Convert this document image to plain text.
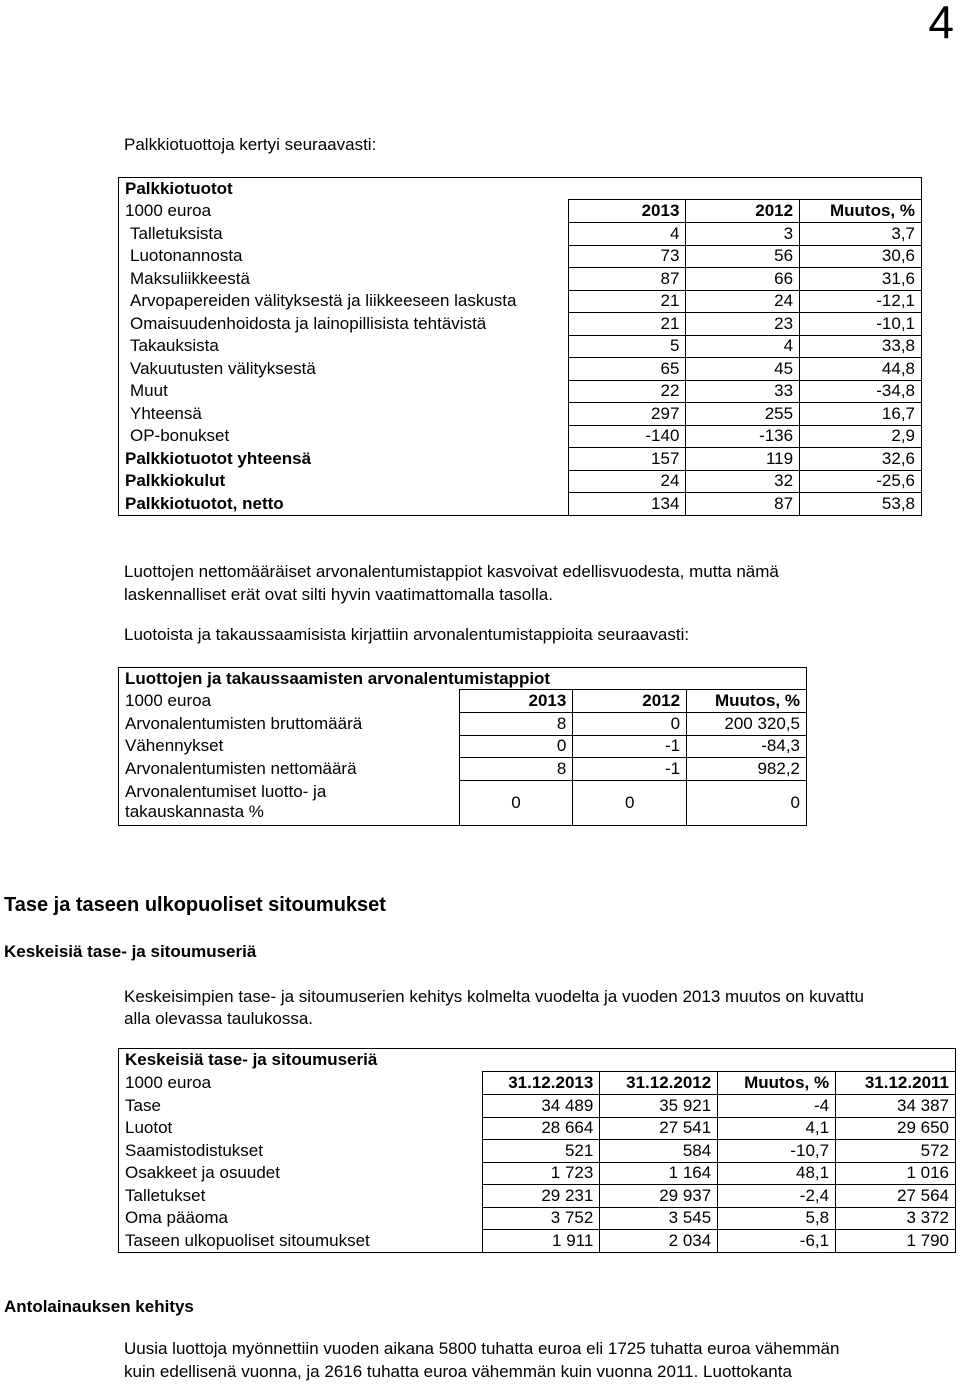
4
Palkkiotuottoja kertyi seuraavasti:
Palkkiotuotot			
1000 euroa	2013	2012	Muutos, %
Talletuksista	4	3	3,7
Luotonannosta	73	56	30,6
Maksuliikkeestä	87	66	31,6
Arvopapereiden välityksestä ja liikkeeseen laskusta	21	24	-12,1
Omaisuudenhoidosta ja lainopillisista tehtävistä	21	23	-10,1
Takauksista	5	4	33,8
Vakuutusten välityksestä	65	45	44,8
Muut	22	33	-34,8
Yhteensä	297	255	16,7
OP-bonukset	-140	-136	2,9
Palkkiotuotot yhteensä	157	119	32,6
Palkkiokulut	24	32	-25,6
Palkkiotuotot, netto	134	87	53,8
Luottojen nettomääräiset arvonalentumistappiot kasvoivat edellisvuodesta, mutta nämä
laskennalliset erät ovat silti hyvin vaatimattomalla tasolla.
Luotoista ja takaussaamisista kirjattiin arvonalentumistappioita seuraavasti:
Luottojen ja takaussaamisten arvonalentumistappiot			
1000 euroa	2013	2012	Muutos, %
Arvonalentumisten bruttomäärä	8	0	200 320,5
Vähennykset	0	-1	-84,3
Arvonalentumisten nettomäärä	8	-1	982,2

Arvonalentumiset luotto- ja
takauskannasta %	0	0	0
Tase ja taseen ulkopuoliset sitoumukset
Keskeisiä tase- ja sitoumuseriä
Keskeisimpien tase- ja sitoumuserien kehitys kolmelta vuodelta ja vuoden 2013 muutos on kuvattu
alla olevassa taulukossa.
Keskeisiä tase- ja sitoumuseriä				
1000 euroa	31.12.2013	31.12.2012	Muutos, %	31.12.2011
Tase	34 489	35 921	-4	34 387
Luotot	28 664	27 541	4,1	29 650
Saamistodistukset	521	584	-10,7	572
Osakkeet ja osuudet	1 723	1 164	48,1	1 016
Talletukset	29 231	29 937	-2,4	27 564
Oma pääoma	3 752	3 545	5,8	3 372
Taseen ulkopuoliset sitoumukset	1 911	2 034	-6,1	1 790
Antolainauksen kehitys
Uusia luottoja myönnettiin vuoden aikana 5800 tuhatta euroa eli 1725 tuhatta euroa vähemmän
kuin edellisenä vuonna, ja 2616 tuhatta euroa vähemmän kuin vuonna 2011. Luottokanta
